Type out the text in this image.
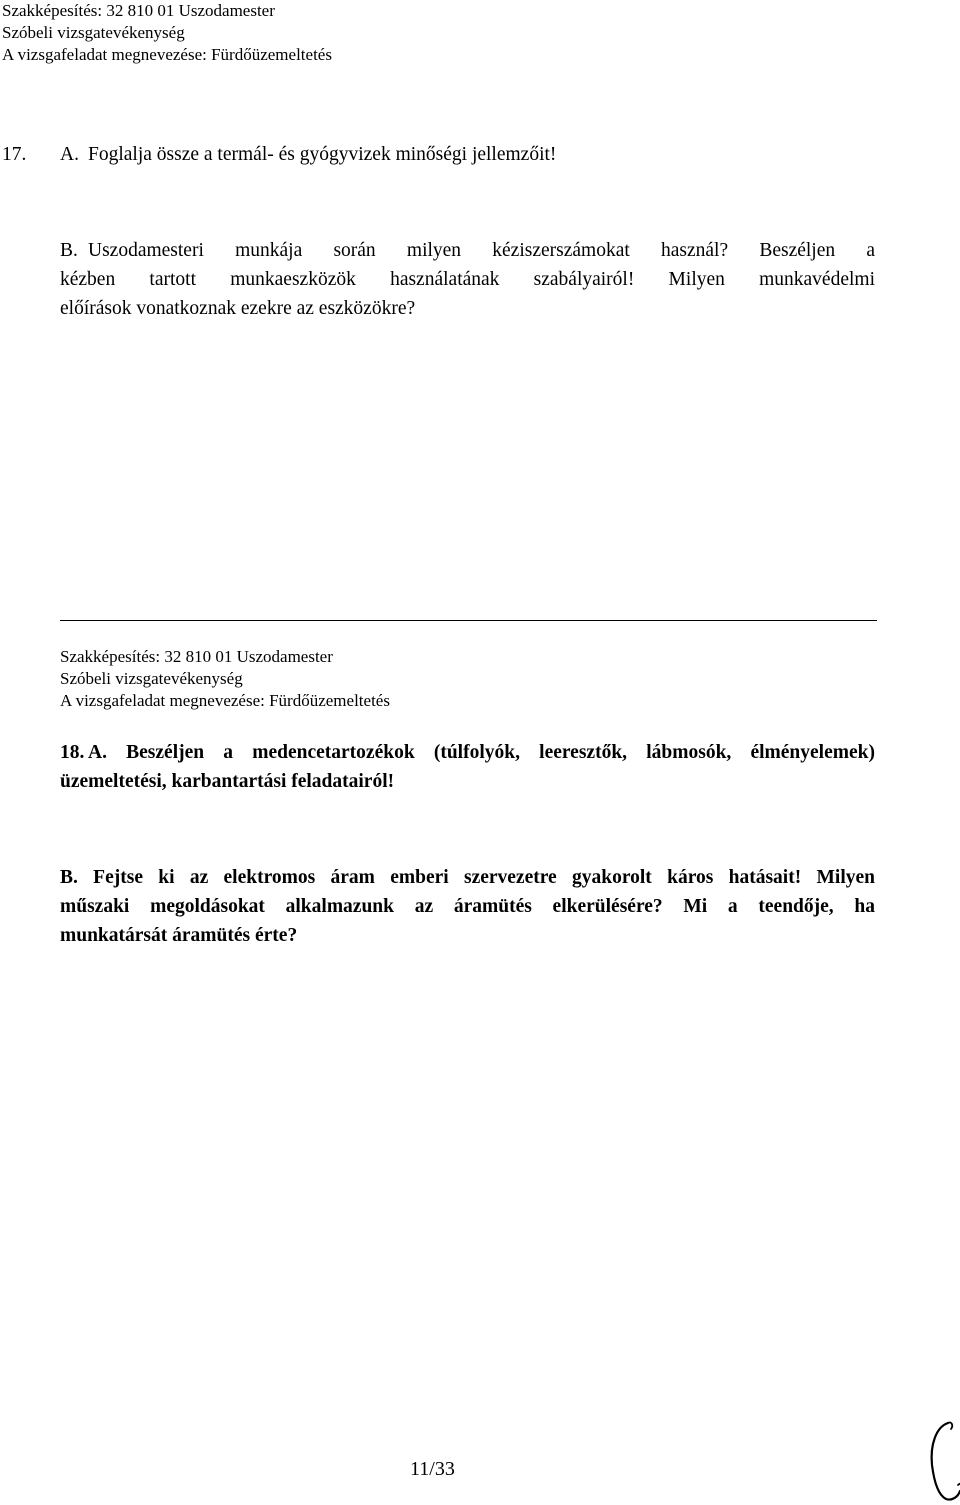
Szakképesítés: 32 810 01 Uszodamester
Szóbeli vizsgatevékenység
A vizsgafeladat megnevezése: Fürdőüzemeltetés
17. A. Foglalja össze a termál- és gyógyvizek minőségi jellemzőit!
B. Uszodamesteri munkája során milyen kéziszerszámokat használ? Beszéljen a
kézben tartott munkaeszközök használatának szabályairól! Milyen munkavédelmi
előírások vonatkoznak ezekre az eszközökre?
Szakképesítés: 32 810 01 Uszodamester
Szóbeli vizsgatevékenység
A vizsgafeladat megnevezése: Fürdőüzemeltetés
18. A. Beszéljen a medencetartozékok (túlfolyók, leeresztők, lábmosók, élményelemek)
üzemeltetési, karbantartási feladatairól!
B. Fejtse ki az elektromos áram emberi szervezetre gyakorolt káros hatásait! Milyen
műszaki megoldásokat alkalmazunk az áramütés elkerülésére? Mi a teendője, ha
munkatársát áramütés érte?
11/33
